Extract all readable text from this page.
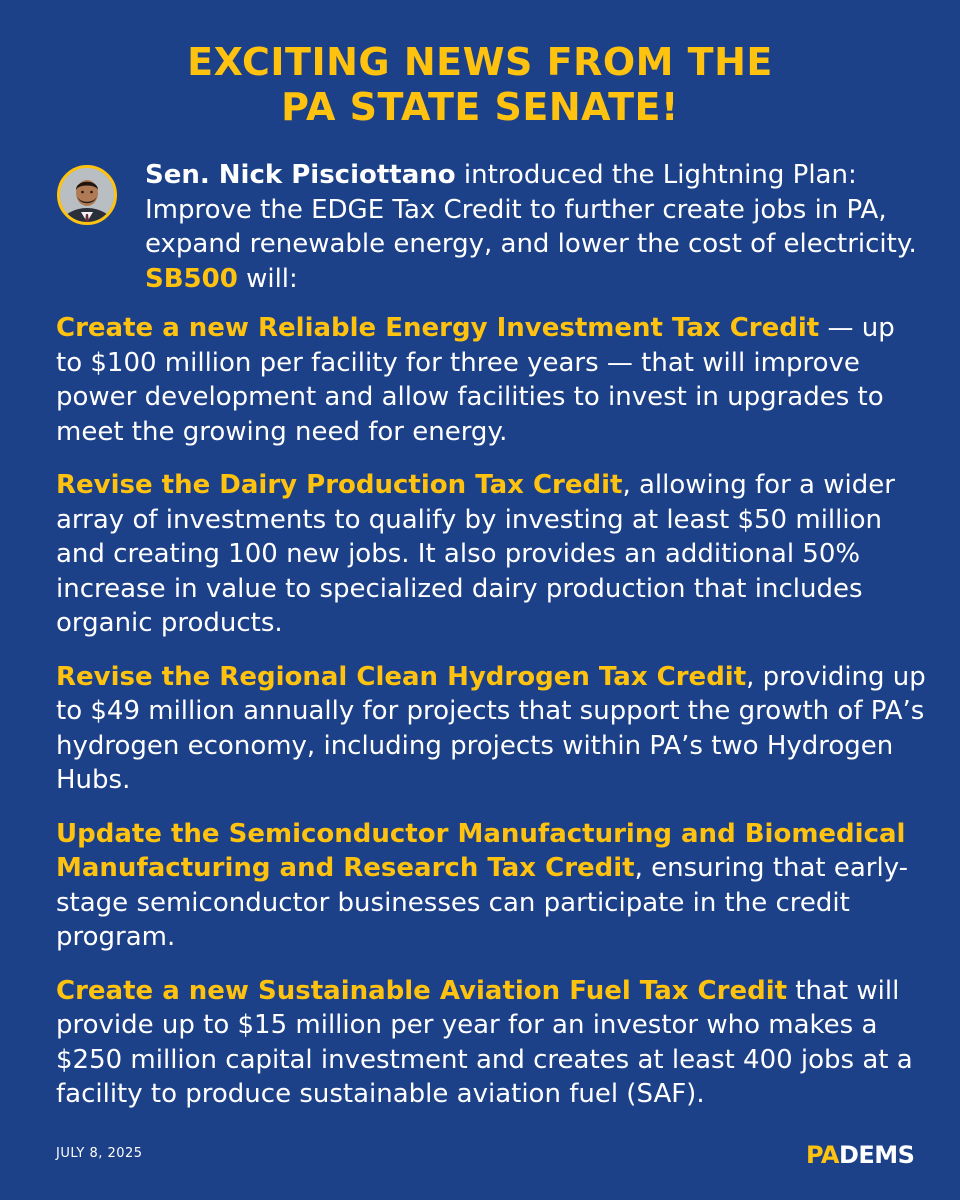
EXCITING NEWS FROM THE
PA STATE SENATE!

Sen. Nick Pisciottano introduced the Lightning Plan: Improve the EDGE Tax Credit to further create jobs in PA, expand renewable energy, and lower the cost of electricity. SB500 will:

Create a new Reliable Energy Investment Tax Credit — up to $100 million per facility for three years — that will improve power development and allow facilities to invest in upgrades to meet the growing need for energy.

Revise the Dairy Production Tax Credit, allowing for a wider array of investments to qualify by investing at least $50 million and creating 100 new jobs. It also provides an additional 50% increase in value to specialized dairy production that includes organic products.

Revise the Regional Clean Hydrogen Tax Credit, providing up to $49 million annually for projects that support the growth of PA’s hydrogen economy, including projects within PA’s two Hydrogen Hubs.

Update the Semiconductor Manufacturing and Biomedical Manufacturing and Research Tax Credit, ensuring that early-stage semiconductor businesses can participate in the credit program.

Create a new Sustainable Aviation Fuel Tax Credit that will provide up to $15 million per year for an investor who makes a $250 million capital investment and creates at least 400 jobs at a facility to produce sustainable aviation fuel (SAF).

JULY 8, 2025	PADEMS
